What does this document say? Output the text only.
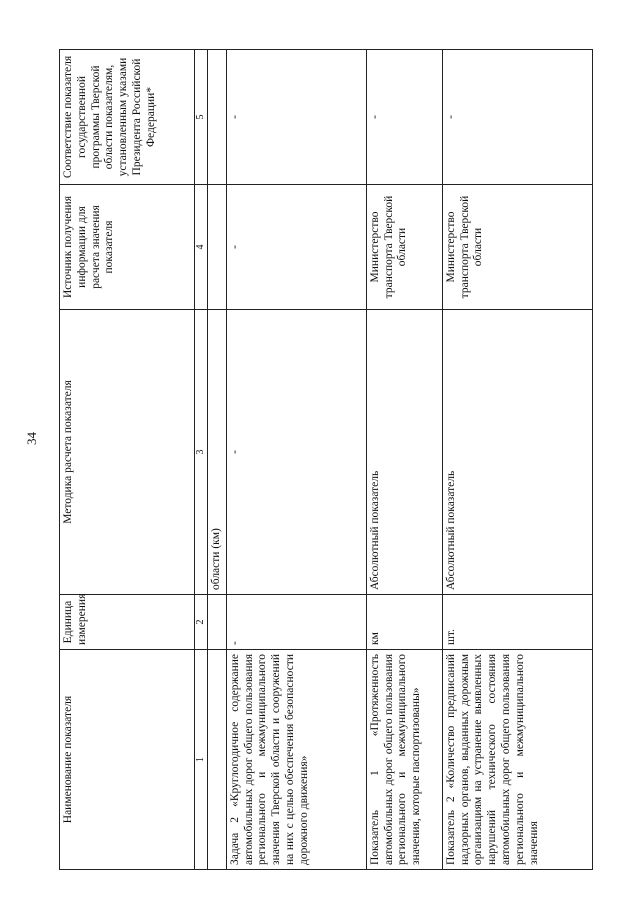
34
Наименование показателя	Единица измерения	Методика расчета показателя	Источник получения информации для расчета значения показателя	Соответствие показателя государственной программы Тверской области показателям, установленным указами Президента Российской Федерации*
1	2	3	4	5
		области (км)		
Задача 2 «Круглогодичное содержание автомобильных дорог общего пользования регионального и межмуниципального значения Тверской области и сооружений на них с целью обеспечения безопасности дорожного движения»	-	-	-	-
Показатель 1 «Протяженность автомобильных дорог общего пользования регионального и межмуниципального значения, которые паспортизованы»	км	Абсолютный показатель	Министерство транспорта Тверской области	-
Показатель 2 «Количество предписаний надзорных органов, выданных дорожным организациям на устранение выявленных нарушений технического состояния автомобильных дорог общего пользования регионального и межмуниципального значения	шт.	Абсолютный показатель	Министерство транспорта Тверской области	-
